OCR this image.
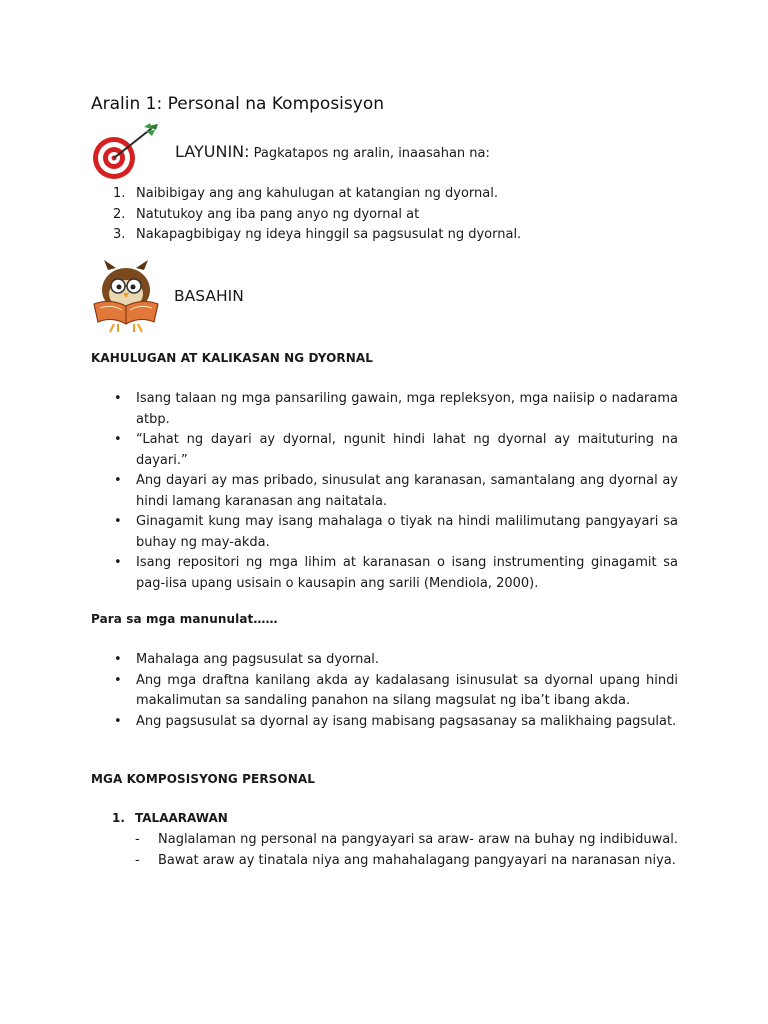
Aralin 1: Personal na Komposisyon
LAYUNIN: Pagkatapos ng aralin, inaasahan na:
1. Naibibigay ang ang kahulugan at katangian ng dyornal.
2. Natutukoy ang iba pang anyo ng dyornal at
3. Nakapagbibigay ng ideya hinggil sa pagsusulat ng dyornal.
BASAHIN
KAHULUGAN AT KALIKASAN NG DYORNAL
• Isang talaan ng mga pansariling gawain, mga repleksyon, mga naiisip o nadarama atbp.
• “Lahat ng dayari ay dyornal, ngunit hindi lahat ng dyornal ay maituturing na dayari.”
• Ang dayari ay mas pribado, sinusulat ang karanasan, samantalang ang dyornal ay hindi lamang karanasan ang naitatala.
• Ginagamit kung may isang mahalaga o tiyak na hindi malilimutang pangyayari sa buhay ng may-akda.
• Isang repositori ng mga lihim at karanasan o isang instrumenting ginagamit sa pag-iisa upang usisain o kausapin ang sarili (Mendiola, 2000).
Para sa mga manunulat……
• Mahalaga ang pagsusulat sa dyornal.
• Ang mga draftna kanilang akda ay kadalasang isinusulat sa dyornal upang hindi makalimutan sa sandaling panahon na silang magsulat ng iba’t ibang akda.
• Ang pagsusulat sa dyornal ay isang mabisang pagsasanay sa malikhaing pagsulat.
MGA KOMPOSISYONG PERSONAL
1. TALAARAWAN
- Naglalaman ng personal na pangyayari sa araw- araw na buhay ng indibiduwal.
- Bawat araw ay tinatala niya ang mahahalagang pangyayari na naranasan niya.
